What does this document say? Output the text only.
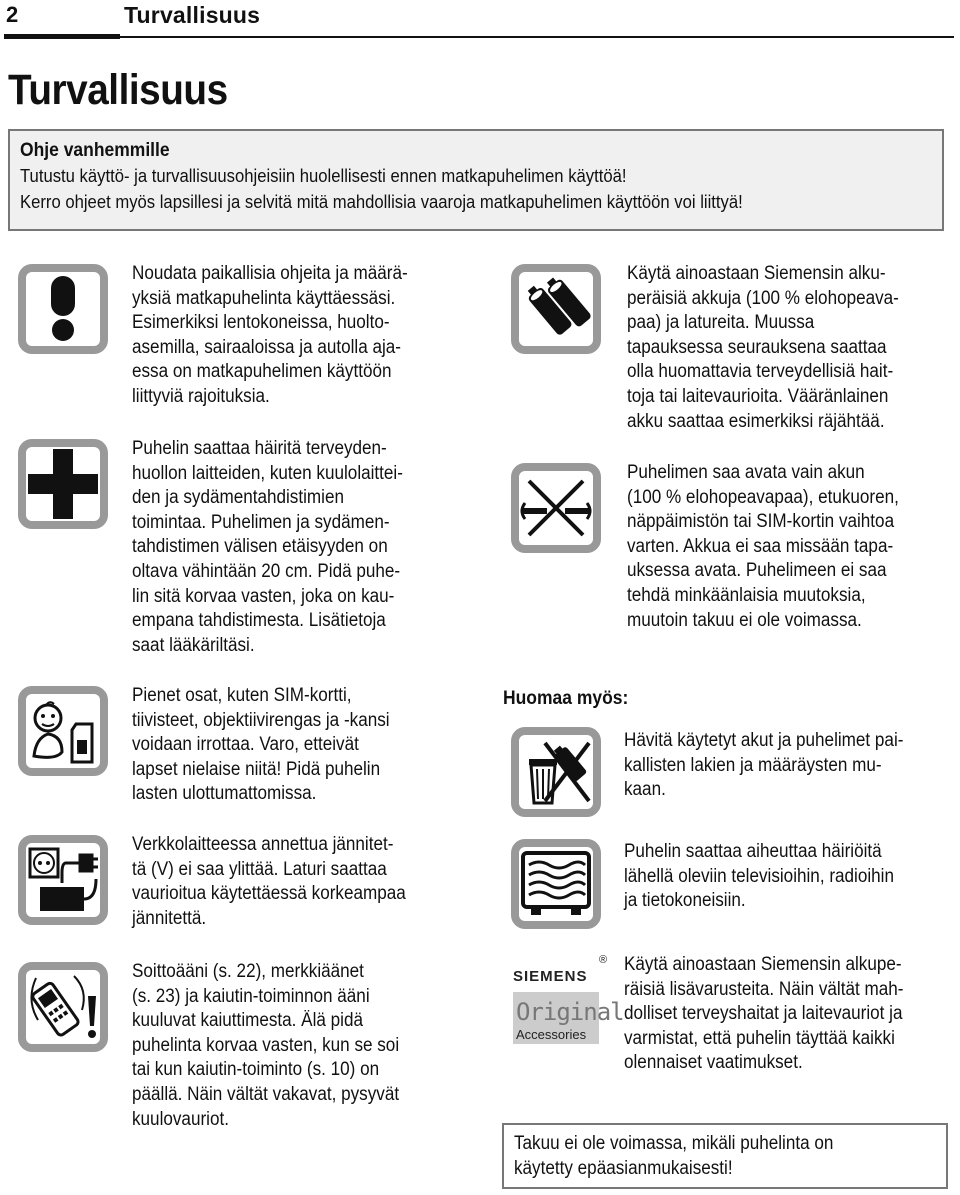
2	Turvallisuus
Turvallisuus
Ohje vanhemmille
Tutustu käyttö- ja turvallisuusohjeisiin huolellisesti ennen matkapuhelimen käyttöä!
Kerro ohjeet myös lapsillesi ja selvitä mitä mahdollisia vaaroja matkapuhelimen käyttöön voi liittyä!
Noudata paikallisia ohjeita ja määrä-
yksiä matkapuhelinta käyttäessäsi.
Esimerkiksi lentokoneissa, huolto-
asemilla, sairaaloissa ja autolla aja-
essa on matkapuhelimen käyttöön
liittyviä rajoituksia.
Puhelin saattaa häiritä terveyden-
huollon laitteiden, kuten kuulolaittei-
den ja sydämentahdistimien
toimintaa. Puhelimen ja sydämen-
tahdistimen välisen etäisyyden on
oltava vähintään 20 cm. Pidä puhe-
lin sitä korvaa vasten, joka on kau-
empana tahdistimesta. Lisätietoja
saat lääkäriltäsi.
Pienet osat, kuten SIM-kortti,
tiivisteet, objektiivirengas ja -kansi
voidaan irrottaa. Varo, etteivät
lapset nielaise niitä! Pidä puhelin
lasten ulottumattomissa.
Verkkolaitteessa annettua jännitet-
tä (V) ei saa ylittää. Laturi saattaa
vaurioitua käytettäessä korkeampaa
jännitettä.
Soittoääni (s. 22), merkkiäänet
(s. 23) ja kaiutin-toiminnon ääni
kuuluvat kaiuttimesta. Älä pidä
puhelinta korvaa vasten, kun se soi
tai kun kaiutin-toiminto (s. 10) on
päällä. Näin vältät vakavat, pysyvät
kuulovauriot.
Käytä ainoastaan Siemensin alku-
peräisiä akkuja (100 % elohopeava-
paa) ja latureita. Muussa
tapauksessa seurauksena saattaa
olla huomattavia terveydellisiä hait-
toja tai laitevaurioita. Vääränlainen
akku saattaa esimerkiksi räjähtää.
Puhelimen saa avata vain akun
(100 % elohopeavapaa), etukuoren,
näppäimistön tai SIM-kortin vaihtoa
varten. Akkua ei saa missään tapa-
uksessa avata. Puhelimeen ei saa
tehdä minkäänlaisia muutoksia,
muutoin takuu ei ole voimassa.
Huomaa myös:
Hävitä käytetyt akut ja puhelimet pai-
kallisten lakien ja määräysten mu-
kaan.
Puhelin saattaa aiheuttaa häiriöitä
lähellä oleviin televisioihin, radioihin
ja tietokoneisiin.
SIEMENS
®
Original
Accessories
Käytä ainoastaan Siemensin alkupe-
räisiä lisävarusteita. Näin vältät mah-
dolliset terveyshaitat ja laitevauriot ja
varmistat, että puhelin täyttää kaikki
olennaiset vaatimukset.
Takuu ei ole voimassa, mikäli puhelinta on
käytetty epäasianmukaisesti!
